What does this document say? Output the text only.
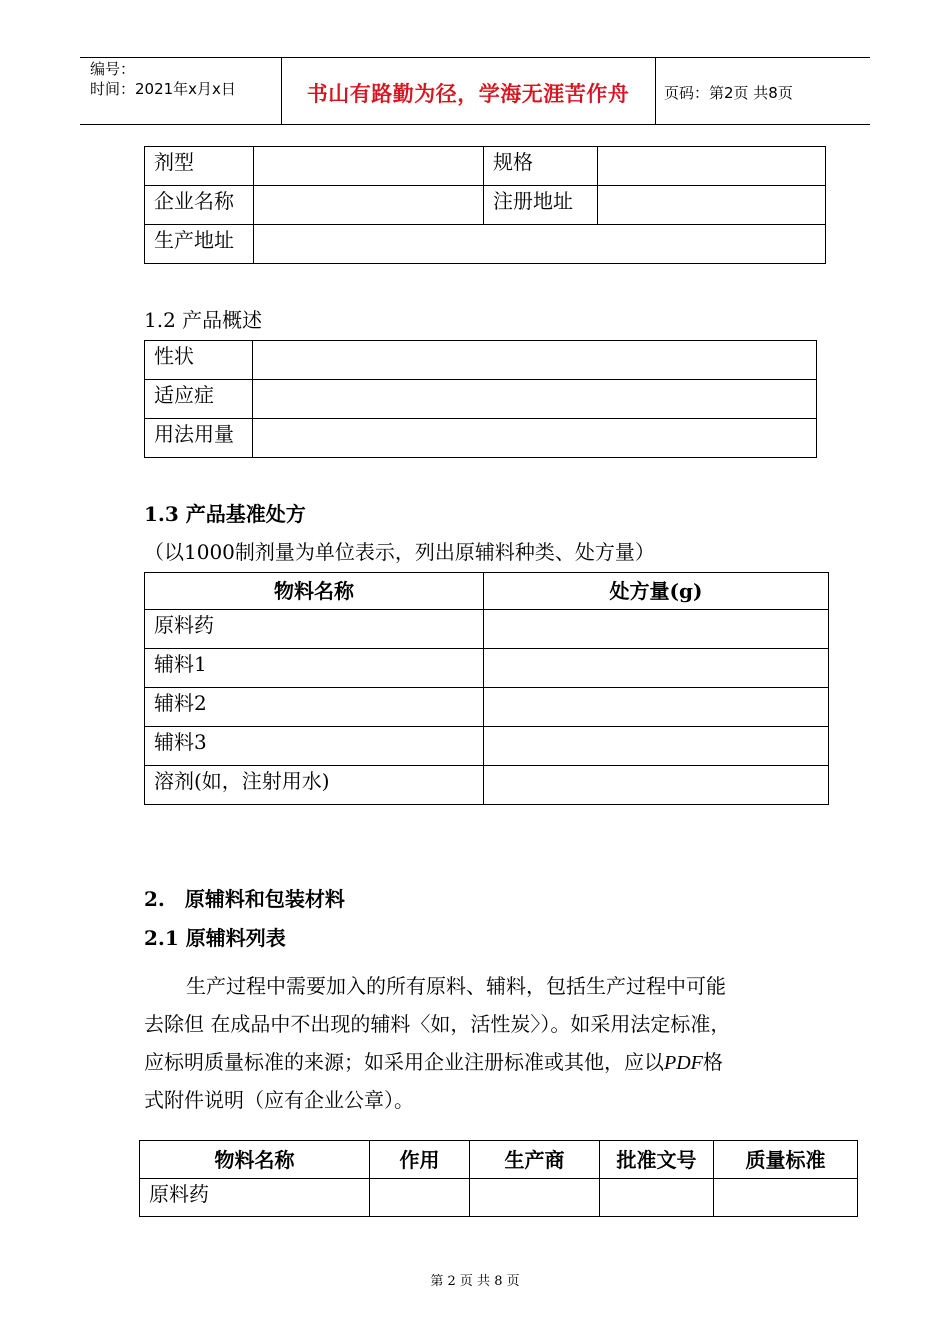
编号：
时间：2021年x月x日	书山有路勤为径，学海无涯苦作舟	页码：第2页 共8页
剂型		规格	
企业名称		注册地址	
生产地址			
1.2 产品概述
性状	
适应症	
用法用量	
1.3 产品基准处方
（以1000制剂量为单位表示，列出原辅料种类、处方量）
物料名称	处方量(g)
原料药	
辅料1	
辅料2	
辅料3	
溶剂(如，注射用水)	
2.　原辅料和包装材料
2.1 原辅料列表
生产过程中需要加入的所有原料、辅料，包括生产过程中可能
去除但 在成品中不出现的辅料〈如，活性炭〉）。如采用法定标准，
应标明质量标准的来源；如采用企业注册标准或其他，应以PDF格
式附件说明（应有企业公章）。
物料名称	作用	生产商	批准文号	质量标准
原料药				
第 2 页 共 8 页
